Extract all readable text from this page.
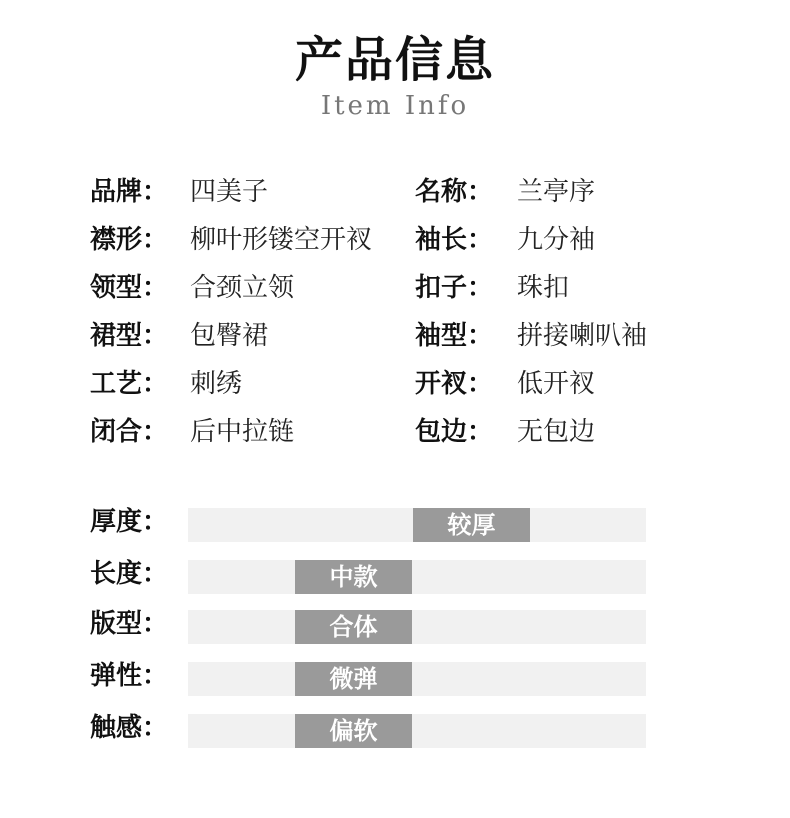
产品信息
Item Info
品牌： 四美子	名称： 兰亭序
襟形： 柳叶形镂空开衩 袖长： 九分袖
领型： 合颈立领	扣子： 珠扣
裙型： 包臀裙	袖型： 拼接喇叭袖
工艺： 刺绣	开衩： 低开衩
闭合： 后中拉链	包边： 无包边
厚度：	较厚
长度：	中款
版型：	合体
弹性：	微弹
触感：	偏软
